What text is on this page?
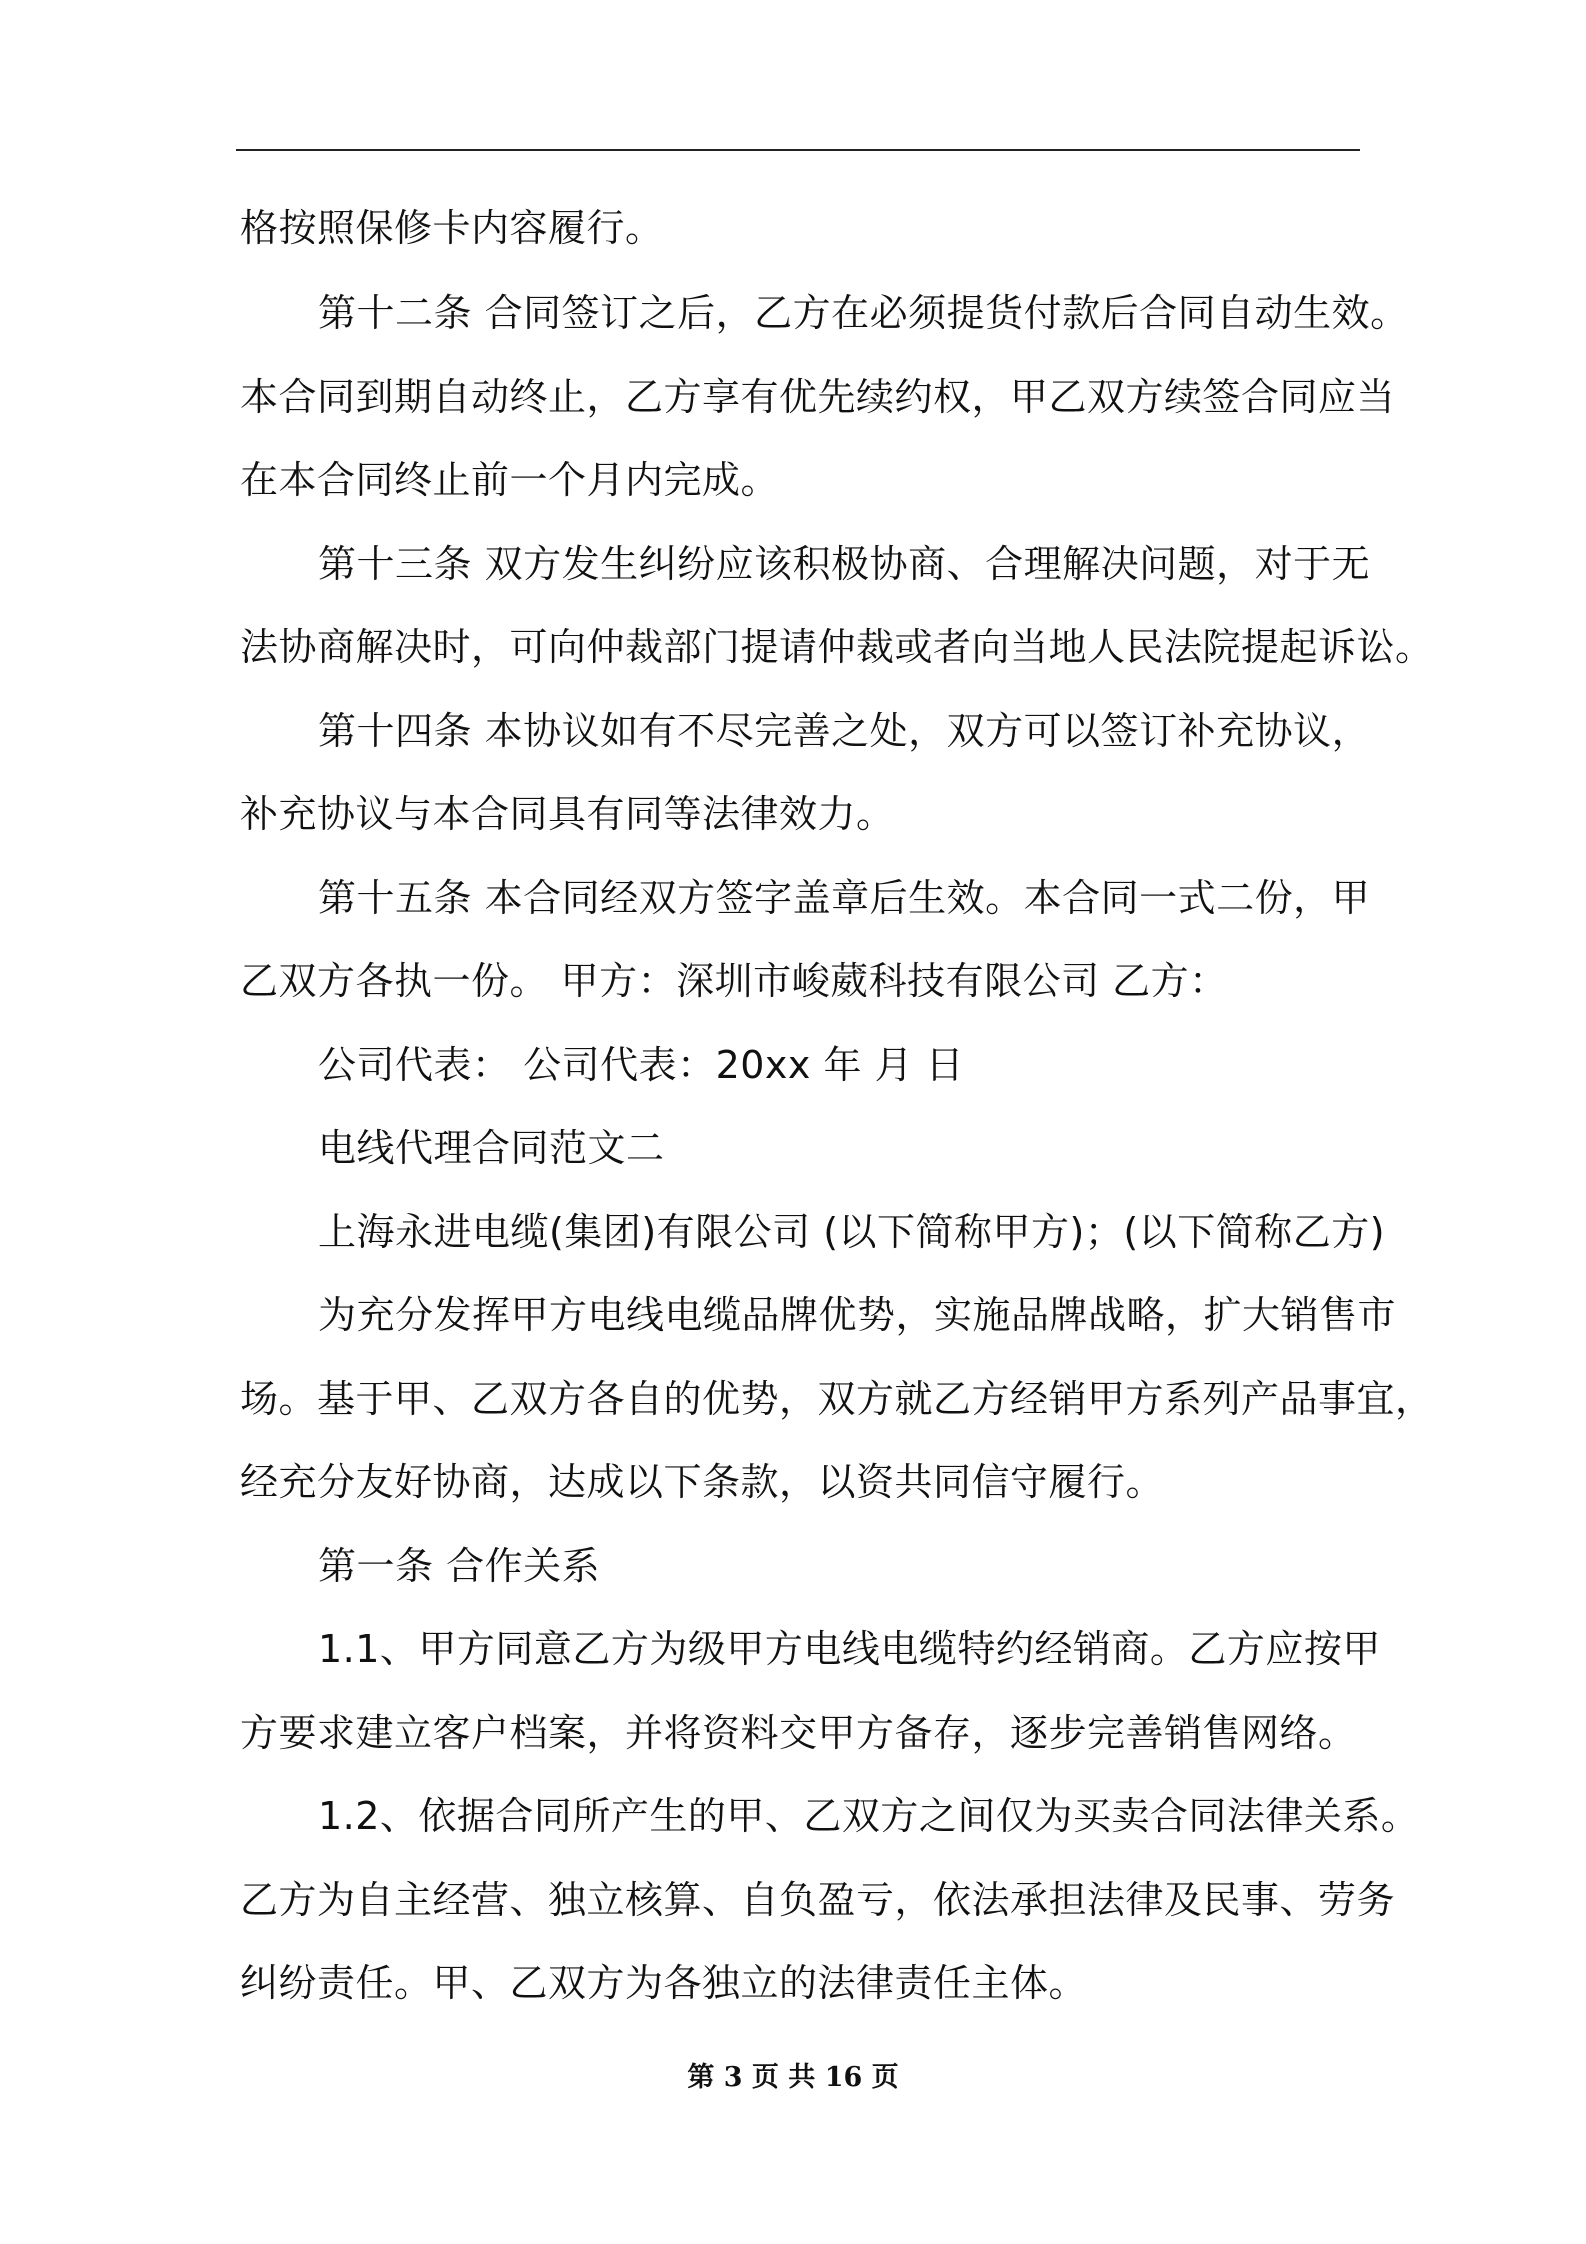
格按照保修卡内容履行。
第十二条 合同签订之后，乙方在必须提货付款后合同自动生效。
本合同到期自动终止，乙方享有优先续约权，甲乙双方续签合同应当
在本合同终止前一个月内完成。
第十三条 双方发生纠纷应该积极协商、合理解决问题，对于无
法协商解决时，可向仲裁部门提请仲裁或者向当地人民法院提起诉讼。
第十四条 本协议如有不尽完善之处，双方可以签订补充协议，
补充协议与本合同具有同等法律效力。
第十五条 本合同经双方签字盖章后生效。本合同一式二份，甲
乙双方各执一份。 甲方：深圳市峻葳科技有限公司 乙方：
公司代表： 公司代表：20xx 年 月 日
电线代理合同范文二
上海永进电缆(集团)有限公司 (以下简称甲方)；(以下简称乙方)
为充分发挥甲方电线电缆品牌优势，实施品牌战略，扩大销售市
场。基于甲、乙双方各自的优势，双方就乙方经销甲方系列产品事宜，
经充分友好协商，达成以下条款，以资共同信守履行。
第一条 合作关系
1.1、甲方同意乙方为级甲方电线电缆特约经销商。乙方应按甲
方要求建立客户档案，并将资料交甲方备存，逐步完善销售网络。
1.2、依据合同所产生的甲、乙双方之间仅为买卖合同法律关系。
乙方为自主经营、独立核算、自负盈亏，依法承担法律及民事、劳务
纠纷责任。甲、乙双方为各独立的法律责任主体。
第 3 页 共 16 页
